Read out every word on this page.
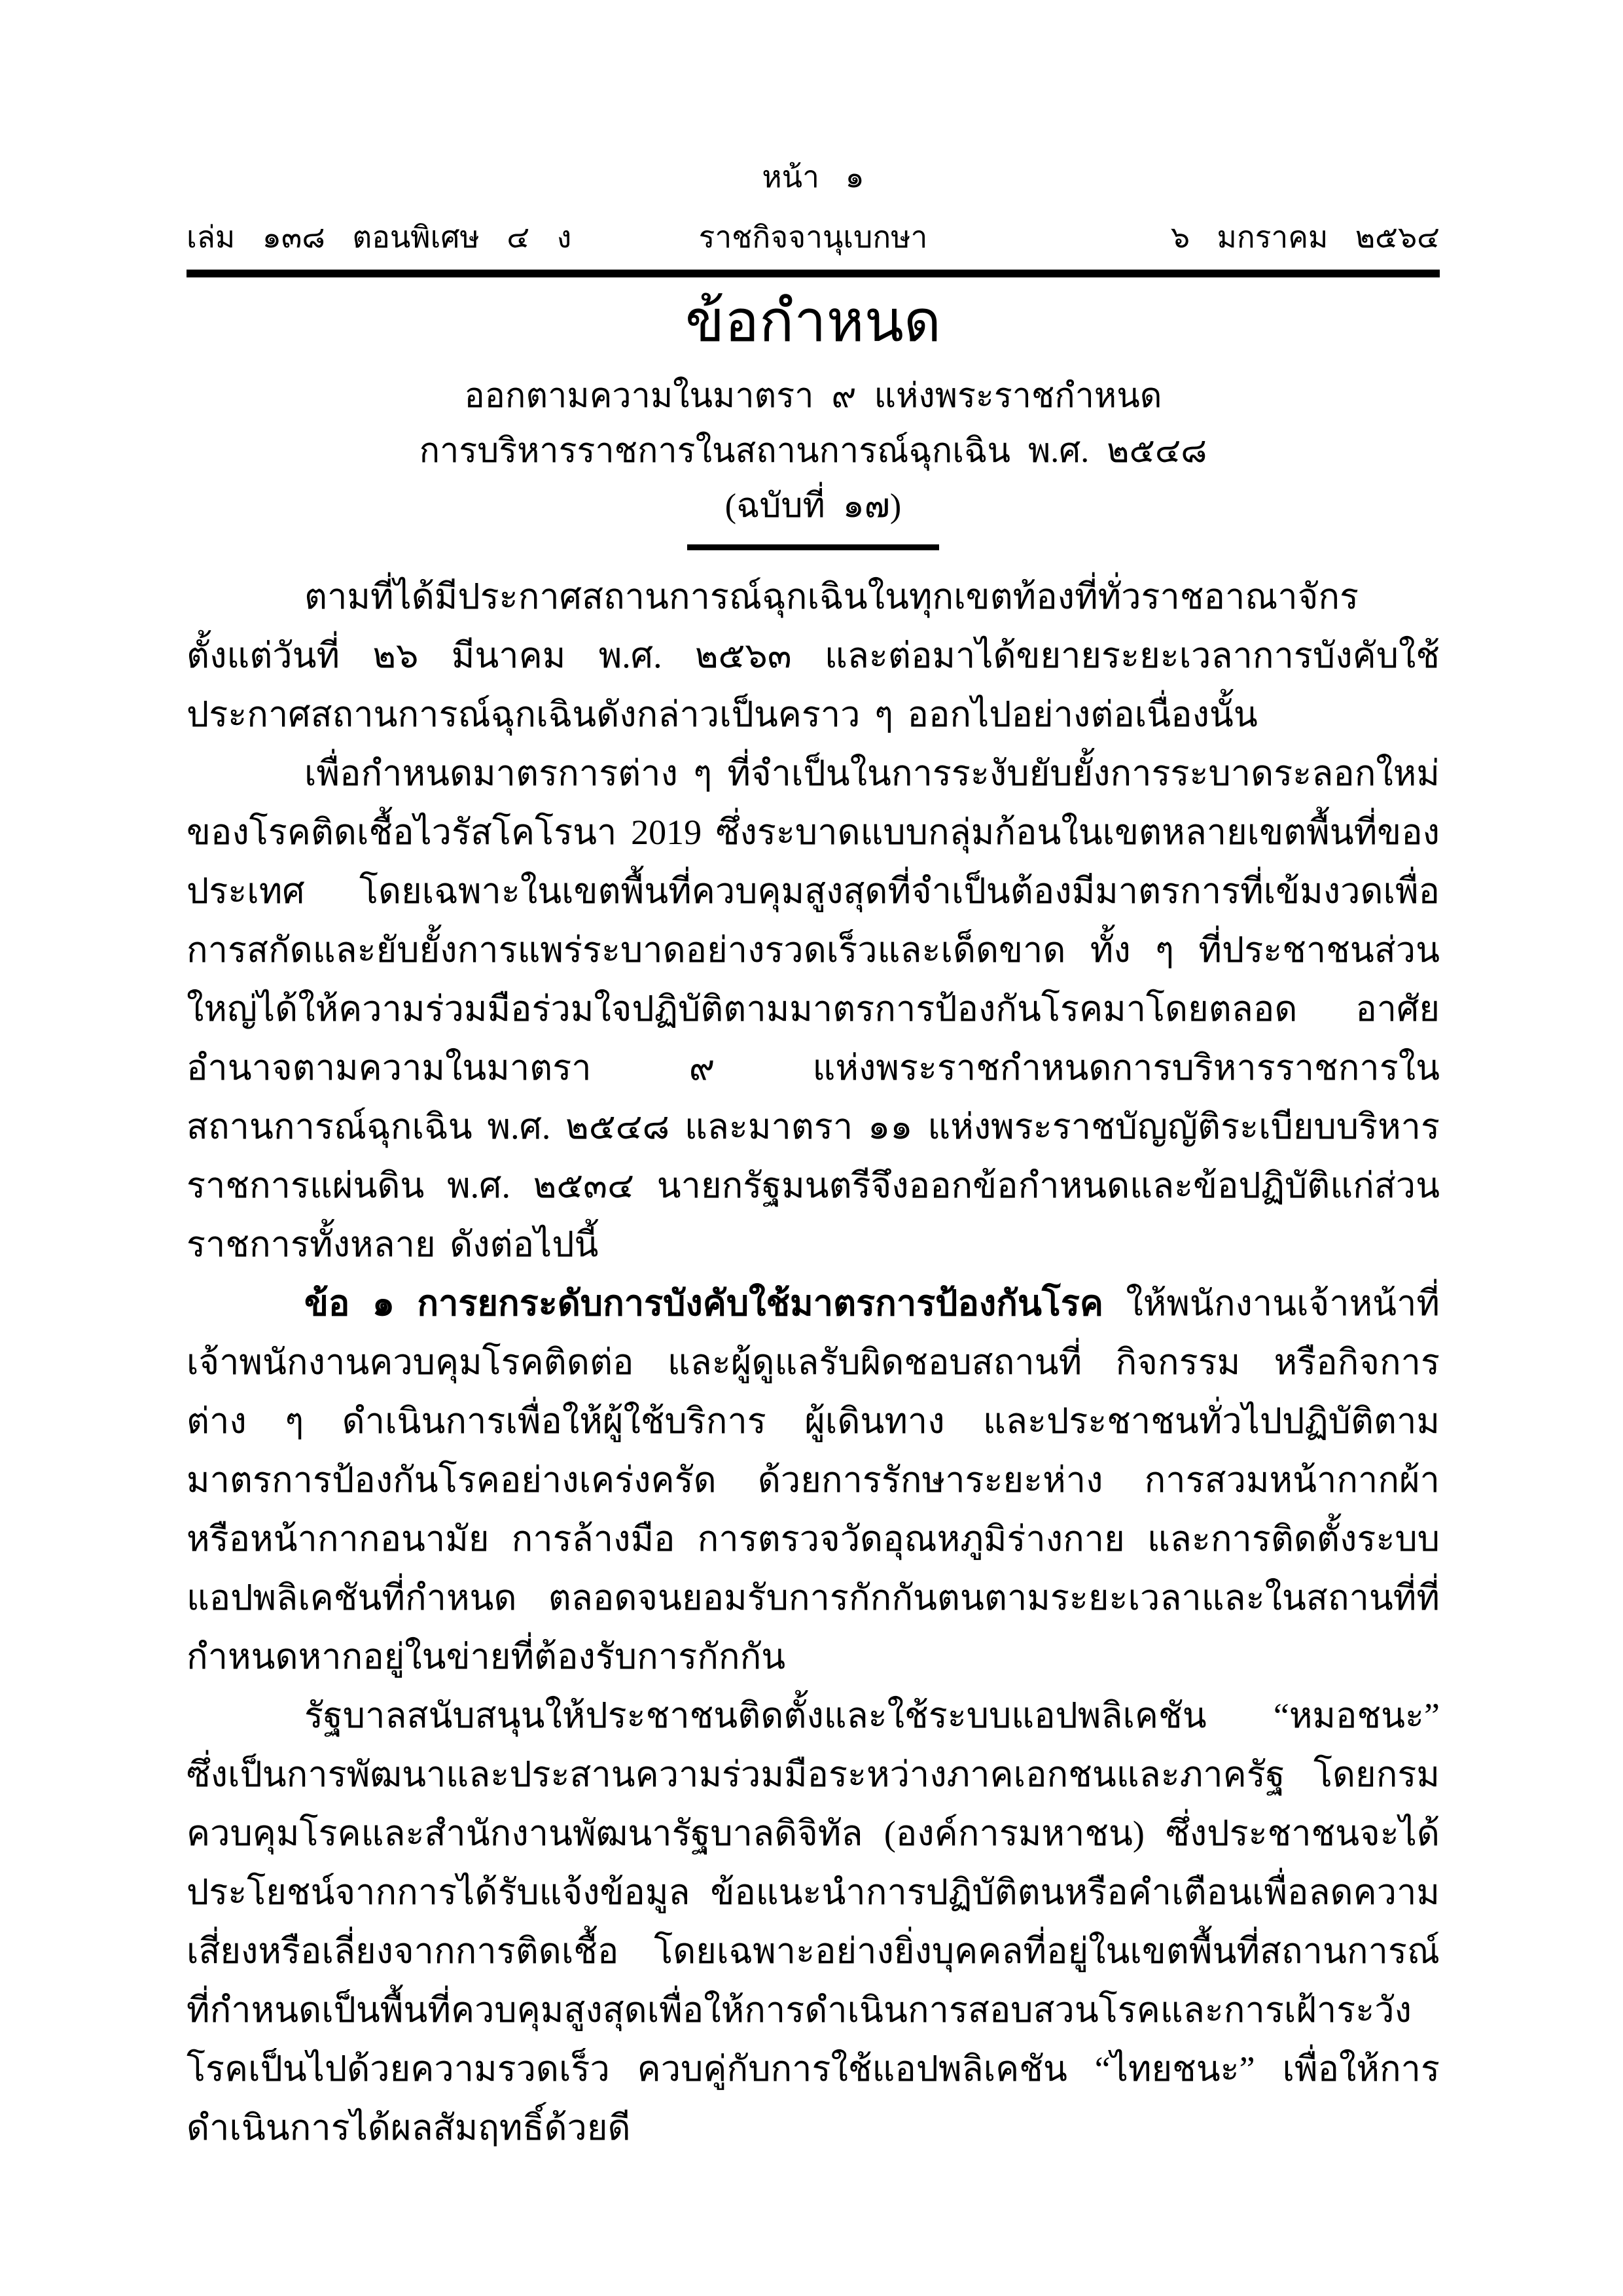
หน้า ๑
เล่ม ๑๓๘ ตอนพิเศษ ๔ ง	ราชกิจจานุเบกษา	๖ มกราคม ๒๕๖๔
ข้อกำหนด
ออกตามความในมาตรา ๙ แห่งพระราชกำหนด
การบริหารราชการในสถานการณ์ฉุกเฉิน พ.ศ. ๒๕๔๘
(ฉบับที่ ๑๗)

ตามที่ได้มีประกาศสถานการณ์ฉุกเฉินในทุกเขตท้องที่ทั่วราชอาณาจักรตั้งแต่วันที่ ๒๖ มีนาคม พ.ศ. ๒๕๖๓ และต่อมาได้ขยายระยะเวลาการบังคับใช้ประกาศสถานการณ์ฉุกเฉินดังกล่าวเป็นคราว ๆ ออกไปอย่างต่อเนื่องนั้น

เพื่อกำหนดมาตรการต่าง ๆ ที่จำเป็นในการระงับยับยั้งการระบาดระลอกใหม่ของโรคติดเชื้อไวรัสโคโรนา 2019 ซึ่งระบาดแบบกลุ่มก้อนในเขตหลายเขตพื้นที่ของประเทศ โดยเฉพาะในเขตพื้นที่ควบคุมสูงสุดที่จำเป็นต้องมีมาตรการที่เข้มงวดเพื่อการสกัดและยับยั้งการแพร่ระบาดอย่างรวดเร็วและเด็ดขาด ทั้ง ๆ ที่ประชาชนส่วนใหญ่ได้ให้ความร่วมมือร่วมใจปฏิบัติตามมาตรการป้องกันโรคมาโดยตลอด อาศัยอำนาจตามความในมาตรา ๙ แห่งพระราชกำหนดการบริหารราชการในสถานการณ์ฉุกเฉิน พ.ศ. ๒๕๔๘ และมาตรา ๑๑ แห่งพระราชบัญญัติระเบียบบริหารราชการแผ่นดิน พ.ศ. ๒๕๓๔ นายกรัฐมนตรีจึงออกข้อกำหนดและข้อปฏิบัติแก่ส่วนราชการทั้งหลาย ดังต่อไปนี้

ข้อ ๑ การยกระดับการบังคับใช้มาตรการป้องกันโรค ให้พนักงานเจ้าหน้าที่ เจ้าพนักงานควบคุมโรคติดต่อ และผู้ดูแลรับผิดชอบสถานที่ กิจกรรม หรือกิจการต่าง ๆ ดำเนินการเพื่อให้ผู้ใช้บริการ ผู้เดินทาง และประชาชนทั่วไปปฏิบัติตามมาตรการป้องกันโรคอย่างเคร่งครัด ด้วยการรักษาระยะห่าง การสวมหน้ากากผ้าหรือหน้ากากอนามัย การล้างมือ การตรวจวัดอุณหภูมิร่างกาย และการติดตั้งระบบแอปพลิเคชันที่กำหนด ตลอดจนยอมรับการกักกันตนตามระยะเวลาและในสถานที่ที่กำหนดหากอยู่ในข่ายที่ต้องรับการกักกัน

รัฐบาลสนับสนุนให้ประชาชนติดตั้งและใช้ระบบแอปพลิเคชัน “หมอชนะ” ซึ่งเป็นการพัฒนาและประสานความร่วมมือระหว่างภาคเอกชนและภาครัฐ โดยกรมควบคุมโรคและสำนักงานพัฒนารัฐบาลดิจิทัล (องค์การมหาชน) ซึ่งประชาชนจะได้ประโยชน์จากการได้รับแจ้งข้อมูล ข้อแนะนำการปฏิบัติตนหรือคำเตือนเพื่อลดความเสี่ยงหรือเลี่ยงจากการติดเชื้อ โดยเฉพาะอย่างยิ่งบุคคลที่อยู่ในเขตพื้นที่สถานการณ์ที่กำหนดเป็นพื้นที่ควบคุมสูงสุดเพื่อให้การดำเนินการสอบสวนโรคและการเฝ้าระวังโรคเป็นไปด้วยความรวดเร็ว ควบคู่กับการใช้แอปพลิเคชัน “ไทยชนะ” เพื่อให้การดำเนินการได้ผลสัมฤทธิ์ด้วยดี
